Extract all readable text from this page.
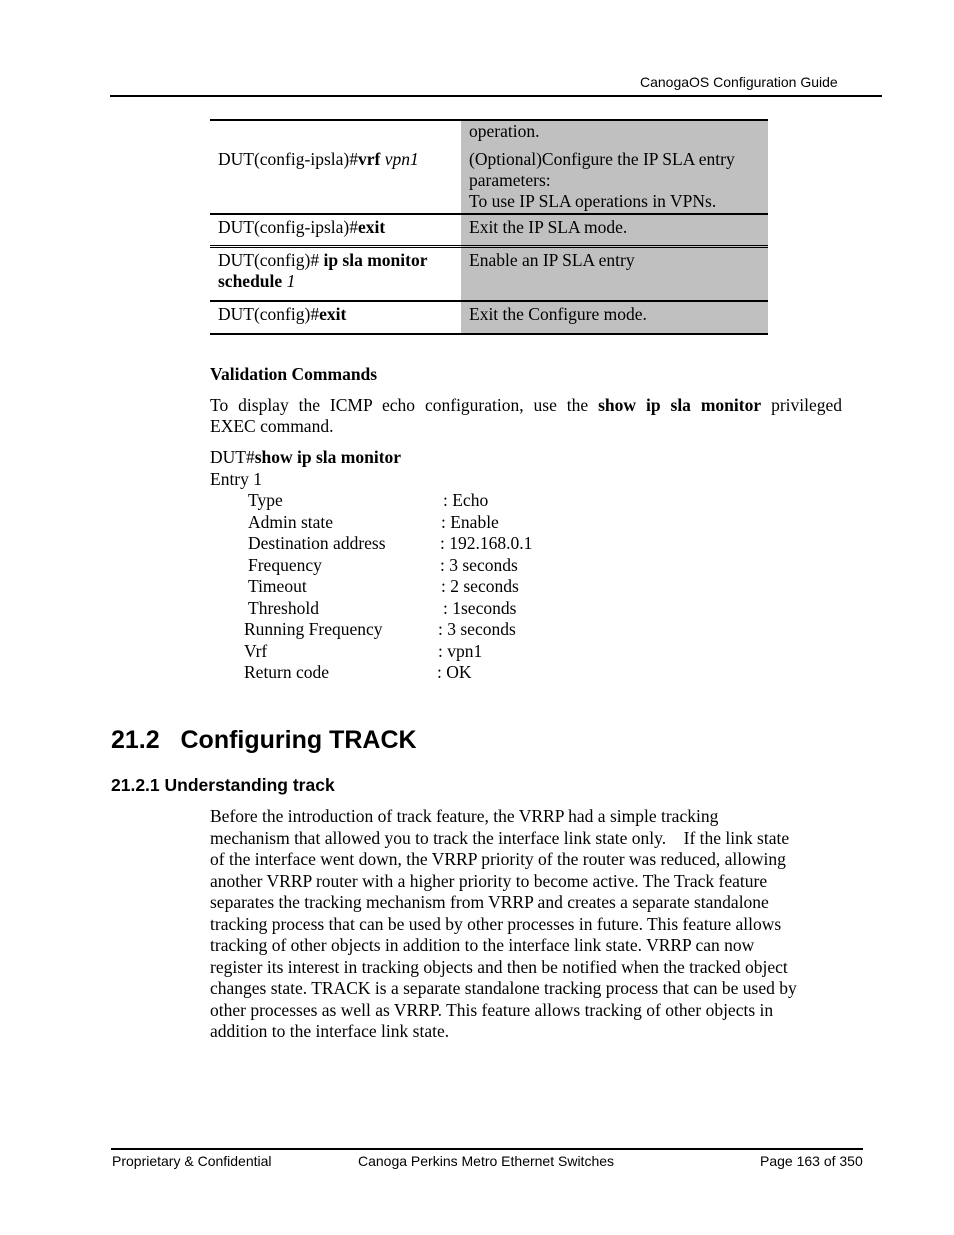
CanogaOS Configuration Guide
	operation.
DUT(config-ipsla)#vrf vpn1	(Optional)Configure the IP SLA entry
parameters:
To use IP SLA operations in VPNs.

DUT(config-ipsla)#exit	Exit the IP SLA mode.
DUT(config)# ip sla monitor
schedule 1	Enable an IP SLA entry
DUT(config)#exit	Exit the Configure mode.
Validation Commands
To display the ICMP echo configuration, use the show ip sla monitor privileged
EXEC command.
DUT#show ip sla monitor
Entry 1
Type	: Echo
Admin state	: Enable
Destination address	: 192.168.0.1
Frequency	: 3 seconds
Timeout	: 2 seconds
Threshold	: 1seconds
Running Frequency	: 3 seconds
Vrf	: vpn1
Return code	: OK
21.2   Configuring TRACK
21.2.1 Understanding track
Before the introduction of track feature, the VRRP had a simple tracking
mechanism that allowed you to track the interface link state only.    If the link state
of the interface went down, the VRRP priority of the router was reduced, allowing
another VRRP router with a higher priority to become active. The Track feature
separates the tracking mechanism from VRRP and creates a separate standalone
tracking process that can be used by other processes in future. This feature allows
tracking of other objects in addition to the interface link state. VRRP can now
register its interest in tracking objects and then be notified when the tracked object
changes state. TRACK is a separate standalone tracking process that can be used by
other processes as well as VRRP. This feature allows tracking of other objects in
addition to the interface link state.
Proprietary & Confidential	Canoga Perkins Metro Ethernet Switches	Page 163 of 350
